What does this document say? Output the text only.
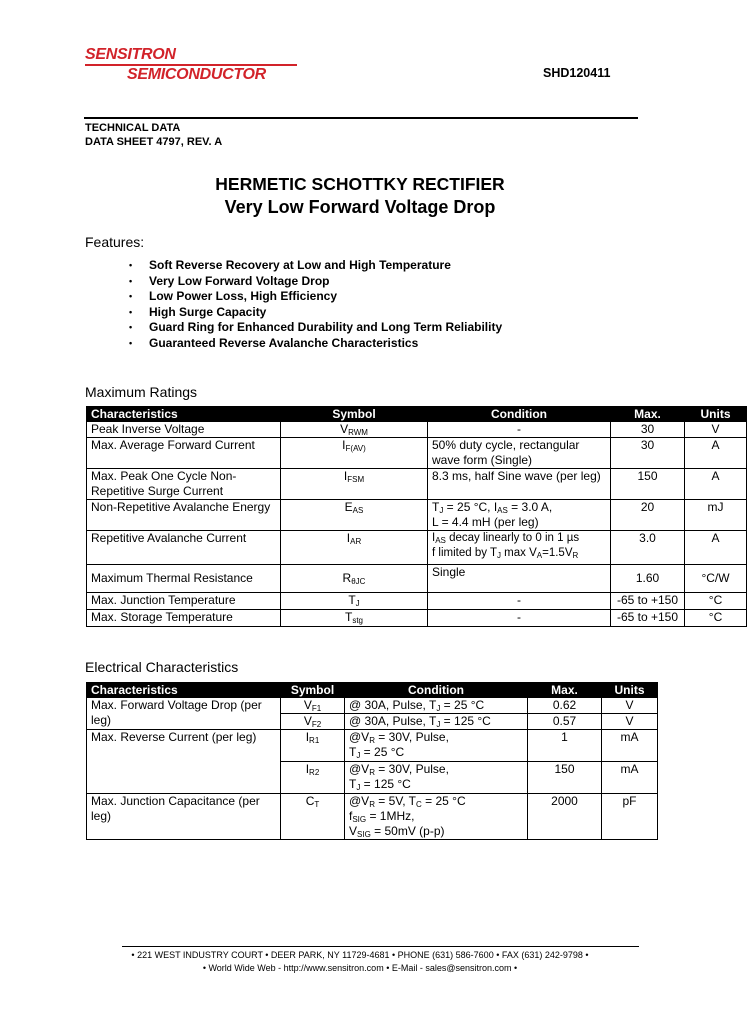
SENSITRON
SEMICONDUCTOR	SHD120411
TECHNICAL DATA
DATA SHEET 4797, REV. A
HERMETIC SCHOTTKY RECTIFIER
Very Low Forward Voltage Drop
Features:
• Soft Reverse Recovery at Low and High Temperature
• Very Low Forward Voltage Drop
• Low Power Loss, High Efficiency
• High Surge Capacity
• Guard Ring for Enhanced Durability and Long Term Reliability
• Guaranteed Reverse Avalanche Characteristics
Maximum Ratings
Characteristics	Symbol	Condition	Max.	Units
Peak Inverse Voltage	$V_{RWM}$	-	30	V
Max. Average Forward Current	$I_{F(AV)}$	50% duty cycle, rectangular wave form (Single)	30	A
Max. Peak One Cycle Non-Repetitive Surge Current	$I_{FSM}$	8.3 ms, half Sine wave (per leg)	150	A
Non-Repetitive Avalanche Energy	$E_{AS}$	$T_J = 25$ °C, $I_{AS} = 3.0$ A,
L = 4.4 mH (per leg)	20	mJ
Repetitive Avalanche Current	$I_{AR}$	$I_{AS}$ decay linearly to 0 in 1 µs
f limited by $T_J$ $\max V_A=1.5V_R$	3.0	A
Maximum Thermal Resistance	$R_{\theta JC}$	Single	1.60	°C/W
Max. Junction Temperature	$T_J$	-	-65 to +150	°C
Max. Storage Temperature	$T_{stg}$	-	-65 to +150	°C
Electrical Characteristics
Characteristics	Symbol	Condition	Max.	Units
Max. Forward Voltage Drop (per leg)	$V_{F1}$	@ 30A, Pulse, $T_J = 25$ °C	0.62	V
	$V_{F2}$	@ 30A, Pulse, $T_J = 125$ °C	0.57	V
Max. Reverse Current (per leg)	$I_{R1}$	$@V_R = 30V$, Pulse,
$T_J = 25$ °C	1	mA
	$I_{R2}$	$@V_R = 30V$, Pulse,
$T_J = 125$ °C	150	mA
Max. Junction Capacitance (per leg)	$C_T$	$@V_R = 5V$, $T_C = 25$ °C
$f_{SIG} = 1MHz$,
$V_{SIG} = 50mV$ (p-p)	2000	pF
• 221 WEST INDUSTRY COURT • DEER PARK, NY 11729-4681 • PHONE (631) 586-7600 • FAX (631) 242-9798 •
• World Wide Web - http://www.sensitron.com • E-Mail - sales@sensitron.com •
